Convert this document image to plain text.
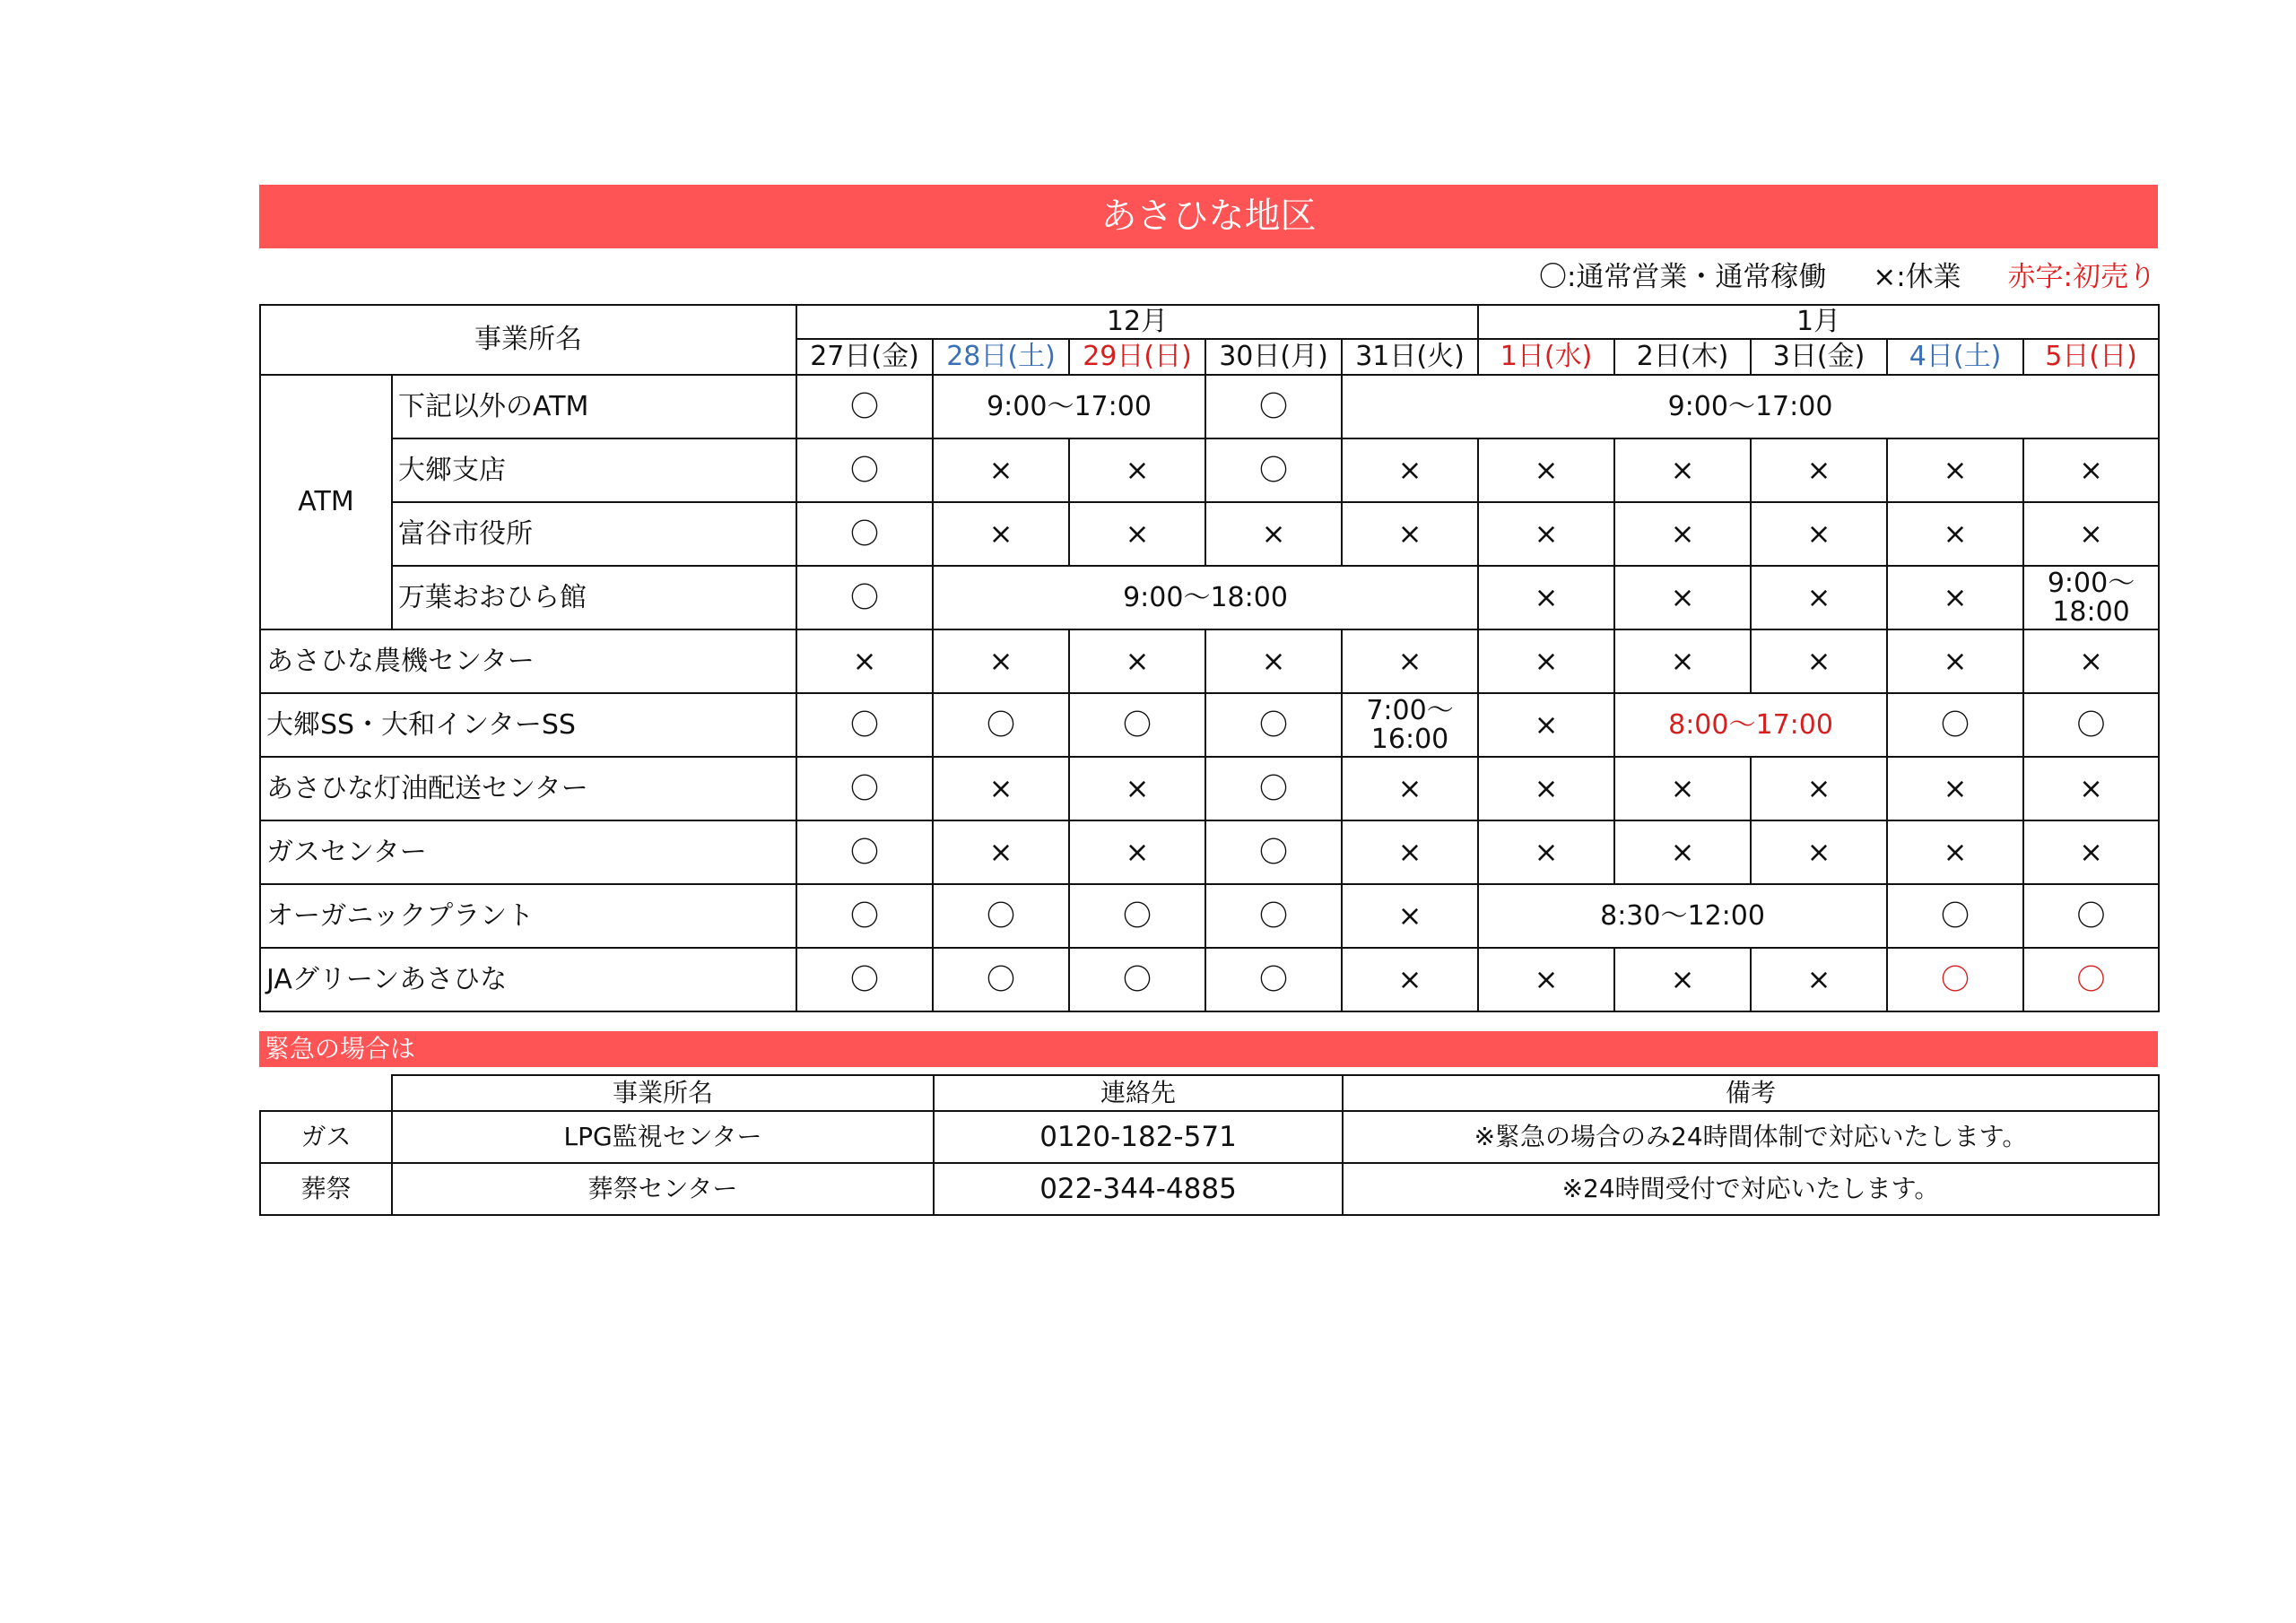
あさひな地区
〇:通常営業・通常稼働 ×:休業 赤字:初売り
事業所名		12月					1月				
		27日(金)	28日(土)	29日(日)	30日(月)	31日(火)	1日(水)	2日(木)	3日(金)	4日(土)	5日(日)
ATM	下記以外のATM	〇	9:00～17:00		〇	9:00～17:00					
	大郷支店	〇	×	×	〇	×	×	×	×	×	×
	富谷市役所	〇	×	×	×	×	×	×	×	×	×
	万葉おおひら館	〇	9:00～18:00				×	×	×	×	9:00～18:00
あさひな農機センター		×	×	×	×	×	×	×	×	×	×
大郷SS・大和インターSS		〇	〇	〇	〇	7:00～16:00	×	8:00～17:00		〇	〇
あさひな灯油配送センター		〇	×	×	〇	×	×	×	×	×	×
ガスセンター		〇	×	×	〇	×	×	×	×	×	×
オーガニックプラント		〇	〇	〇	〇	×	8:30～12:00			〇	〇
JAグリーンあさひな		〇	〇	〇	〇	×	×	×	×	〇	〇
緊急の場合は
	事業所名	連絡先	備考
ガス	LPG監視センター	0120-182-571	※緊急の場合のみ24時間体制で対応いたします。
葬祭	葬祭センター	022-344-4885	※24時間受付で対応いたします。
